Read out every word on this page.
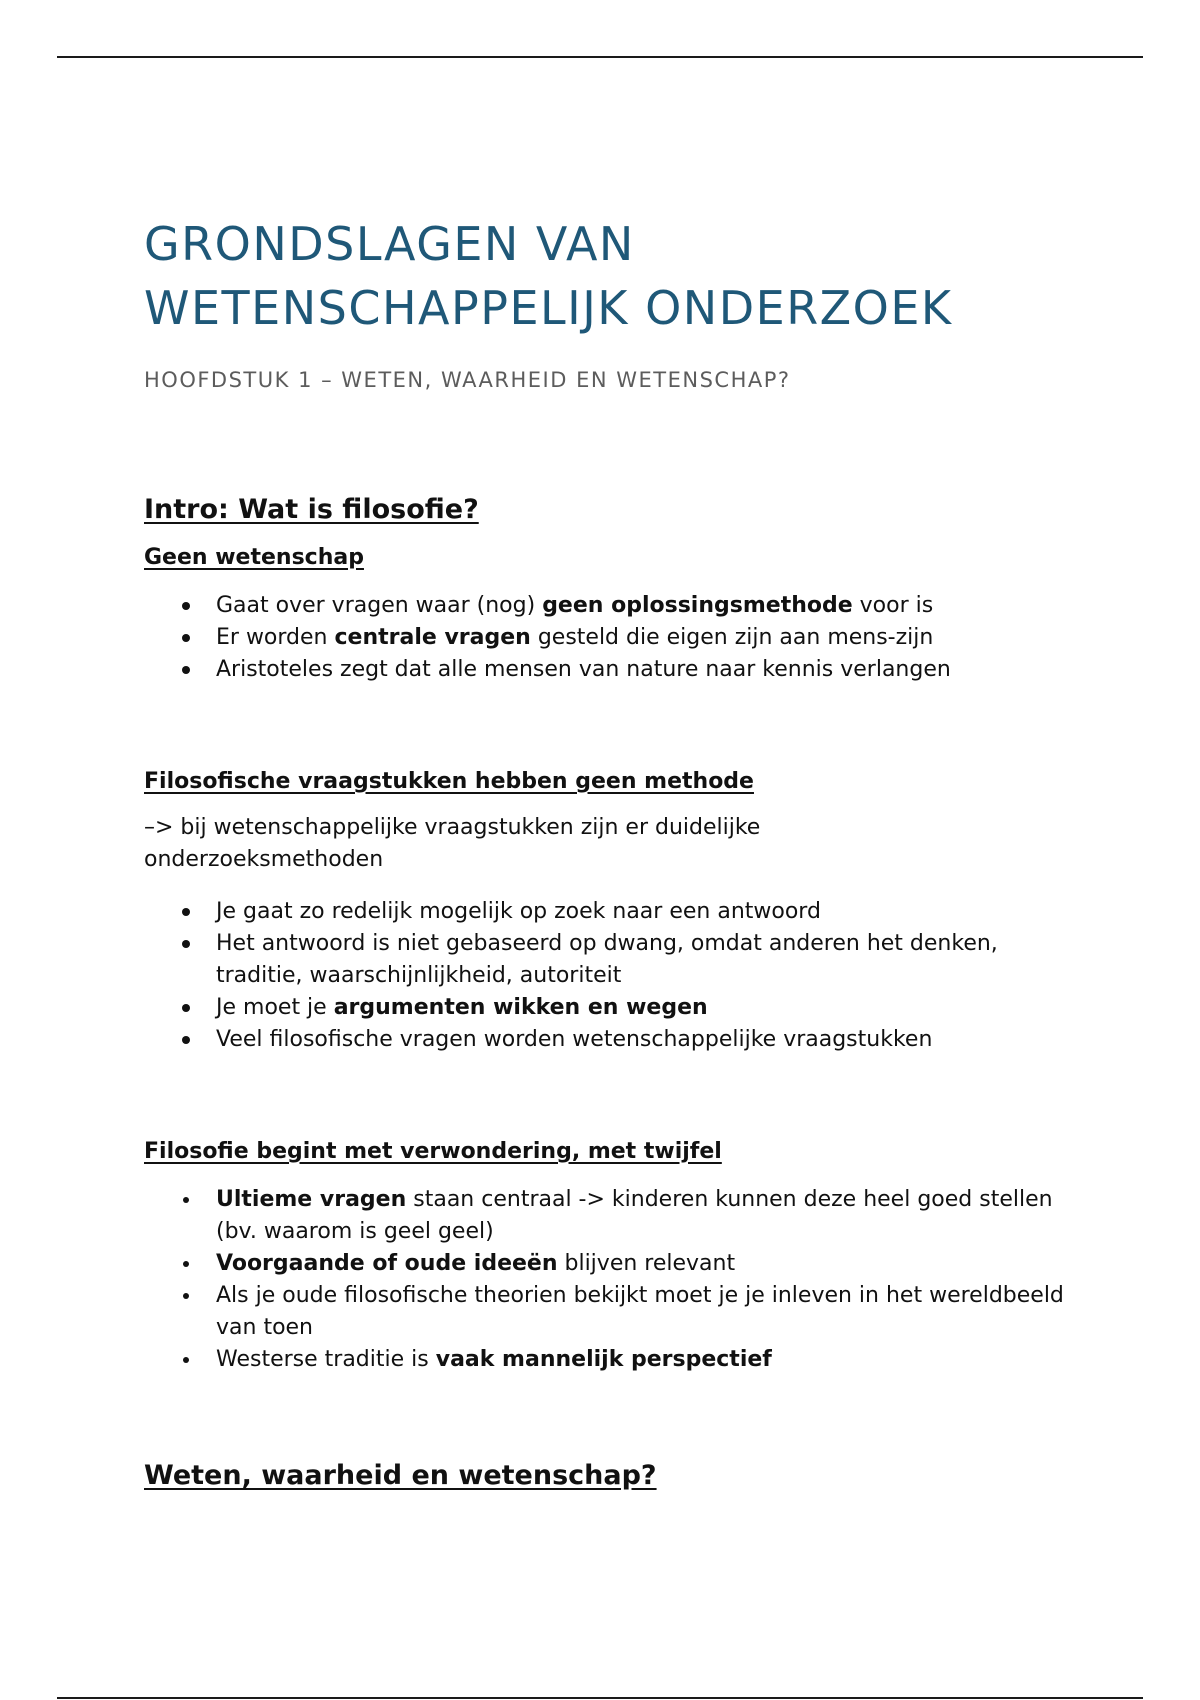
GRONDSLAGEN VAN
WETENSCHAPPELIJK ONDERZOEK
HOOFDSTUK 1 – WETEN, WAARHEID EN WETENSCHAP?
Intro: Wat is filosofie?
Geen wetenschap
Gaat over vragen waar (nog) geen oplossingsmethode voor is
Er worden centrale vragen gesteld die eigen zijn aan mens-zijn
Aristoteles zegt dat alle mensen van nature naar kennis verlangen
Filosofische vraagstukken hebben geen methode

–> bij wetenschappelijke vraagstukken zijn er duidelijke onderzoeksmethoden

Je gaat zo redelijk mogelijk op zoek naar een antwoord
Het antwoord is niet gebaseerd op dwang, omdat anderen het denken, traditie, waarschijnlijkheid, autoriteit
Je moet je argumenten wikken en wegen
Veel filosofische vragen worden wetenschappelijke vraagstukken
Filosofie begint met verwondering, met twijfel
Ultieme vragen staan centraal -> kinderen kunnen deze heel goed stellen (bv. waarom is geel geel)
Voorgaande of oude ideeën blijven relevant
Als je oude filosofische theorien bekijkt moet je je inleven in het wereldbeeld van toen
Westerse traditie is vaak mannelijk perspectief
Weten, waarheid en wetenschap?
